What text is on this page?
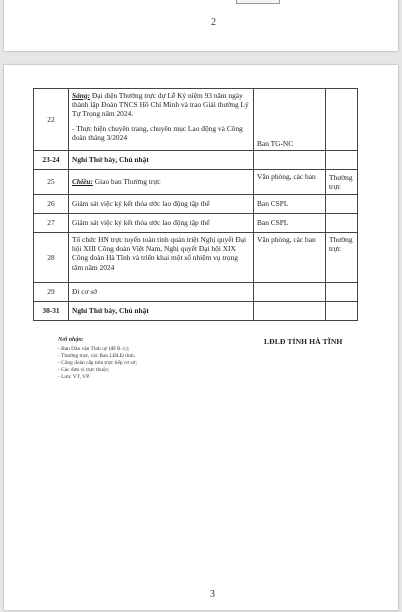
2
22	Sáng: Đại diện Thường trực dự Lễ Kỷ niệm 93 năm ngày thành lập Đoàn TNCS Hồ Chí Minh và trao Giải thưởng Lý Tự Trọng năm 2024.
- Thực hiện chuyên trang, chuyên mục Lao động và Công đoàn tháng 3/2024	Ban TG-NC	
23-24	Nghỉ Thứ bảy, Chủ nhật		
25	Chiều: Giao ban Thường trực	Văn phòng, các ban	Thường trực
26	Giám sát việc ký kết thỏa ước lao động tập thể	Ban CSPL	
27	Giám sát việc ký kết thỏa ước lao động tập thể	Ban CSPL	
28	Tổ chức HN trực tuyến toàn tỉnh quán triệt Nghị quyết Đại hội XIII Công đoàn Việt Nam, Nghị quyết Đại hội XIX Công đoàn Hà Tĩnh và triển khai một số nhiệm vụ trọng tâm năm 2024	Văn phòng, các ban	Thường trực
29	Đi cơ sở		
30-31	Nghỉ Thứ bảy, Chủ nhật		
Nơi nhận:
- Ban Dân vận Tỉnh uỷ (để B /c);
- Thường trực, các Ban LĐLĐ tỉnh;
- Công đoàn cấp trên trực tiếp cơ sở;
- Các đơn vị trực thuộc;
- Lưu: VT, VP.
LĐLĐ TỈNH HÀ TĨNH
3
